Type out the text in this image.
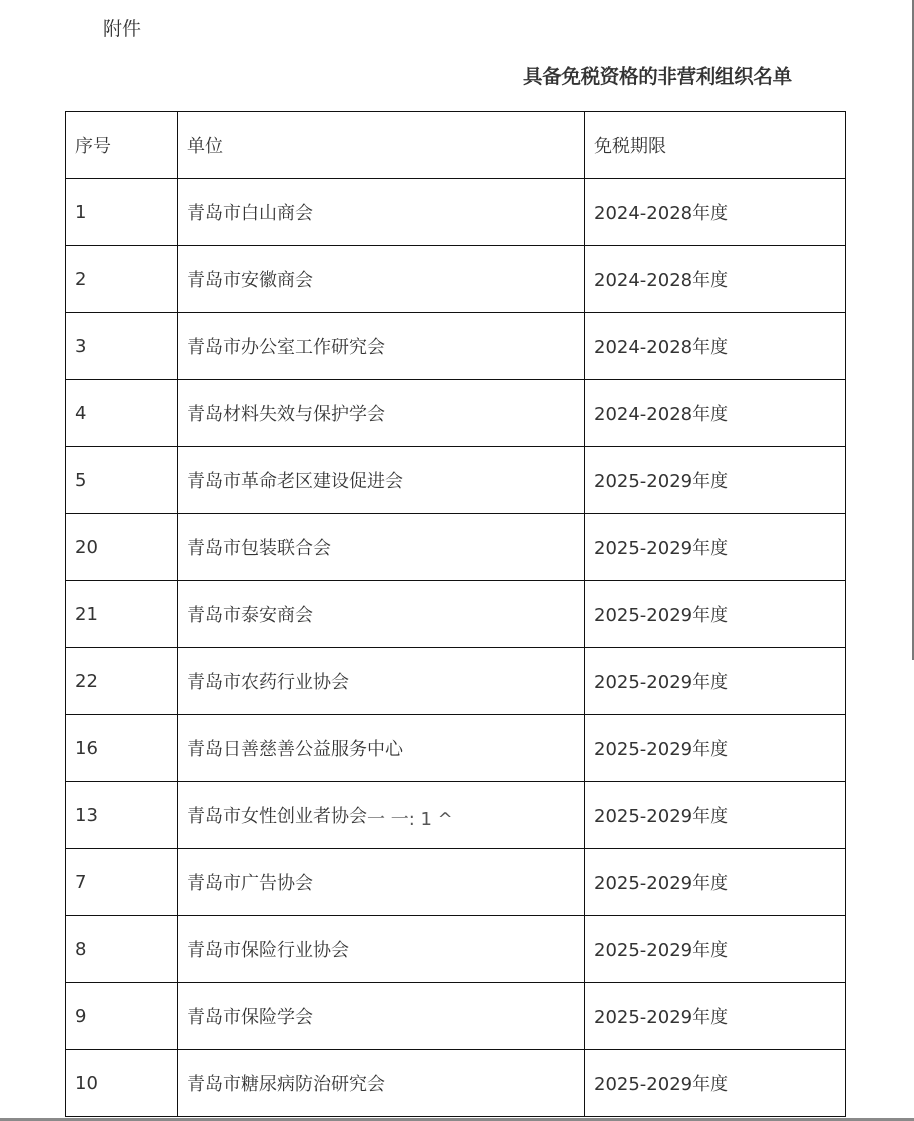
附件
具备免税资格的非营利组织名单
序号	单位	免税期限
1	青岛市白山商会	2024-2028年度
2	青岛市安徽商会	2024-2028年度
3	青岛市办公室工作研究会	2024-2028年度
4	青岛材料失效与保护学会	2024-2028年度
5	青岛市革命老区建设促进会	2025-2029年度
20	青岛市包装联合会	2025-2029年度
21	青岛市泰安商会	2025-2029年度
22	青岛市农药行业协会	2025-2029年度
16	青岛日善慈善公益服务中心	2025-2029年度
13	青岛市女性创业者协会一 一: 1 ^	2025-2029年度
7	青岛市广告协会	2025-2029年度
8	青岛市保险行业协会	2025-2029年度
9	青岛市保险学会	2025-2029年度
10	青岛市糖尿病防治研究会	2025-2029年度
